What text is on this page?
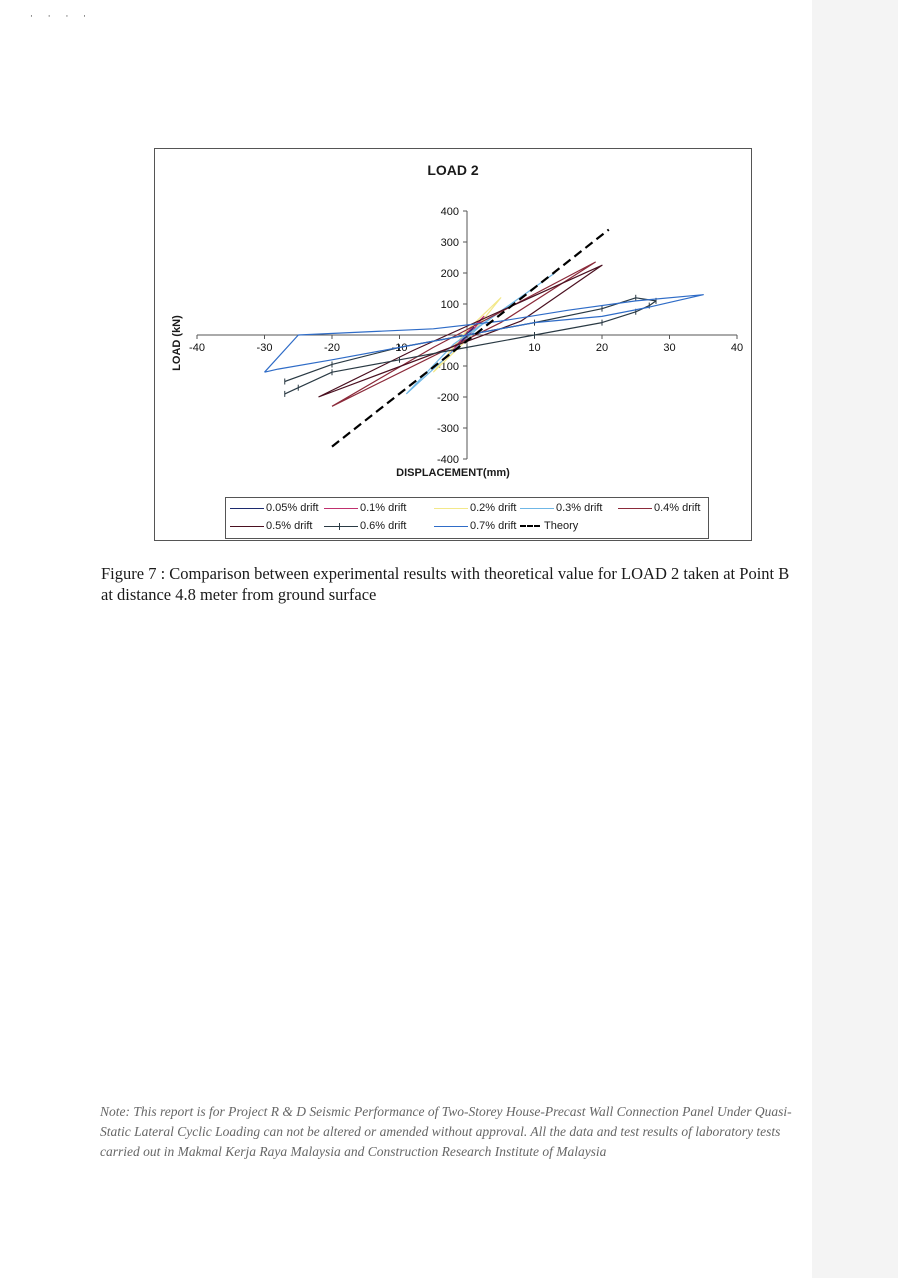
· · · ·
-40	-30	-20	-10	10	20	30	40
400
300
200
100
-100
-200
-300
-400
LOAD 2
DISPLACEMENT(mm)
LOAD (kN)
0.05% drift	0.1% drift	0.2% drift	0.3% drift	0.4% drift
0.5% drift	0.6% drift	0.7% drift	Theory
Figure 7 : Comparison between experimental results with theoretical value for LOAD 2 taken at Point B at distance 4.8 meter from ground surface
Note: This report is for Project R & D Seismic Performance of Two-Storey House-Precast Wall Connection Panel Under Quasi-Static Lateral Cyclic Loading can not be altered or amended without approval. All the data and test results of laboratory tests carried out in Makmal Kerja Raya Malaysia and Construction Research Institute of Malaysia
